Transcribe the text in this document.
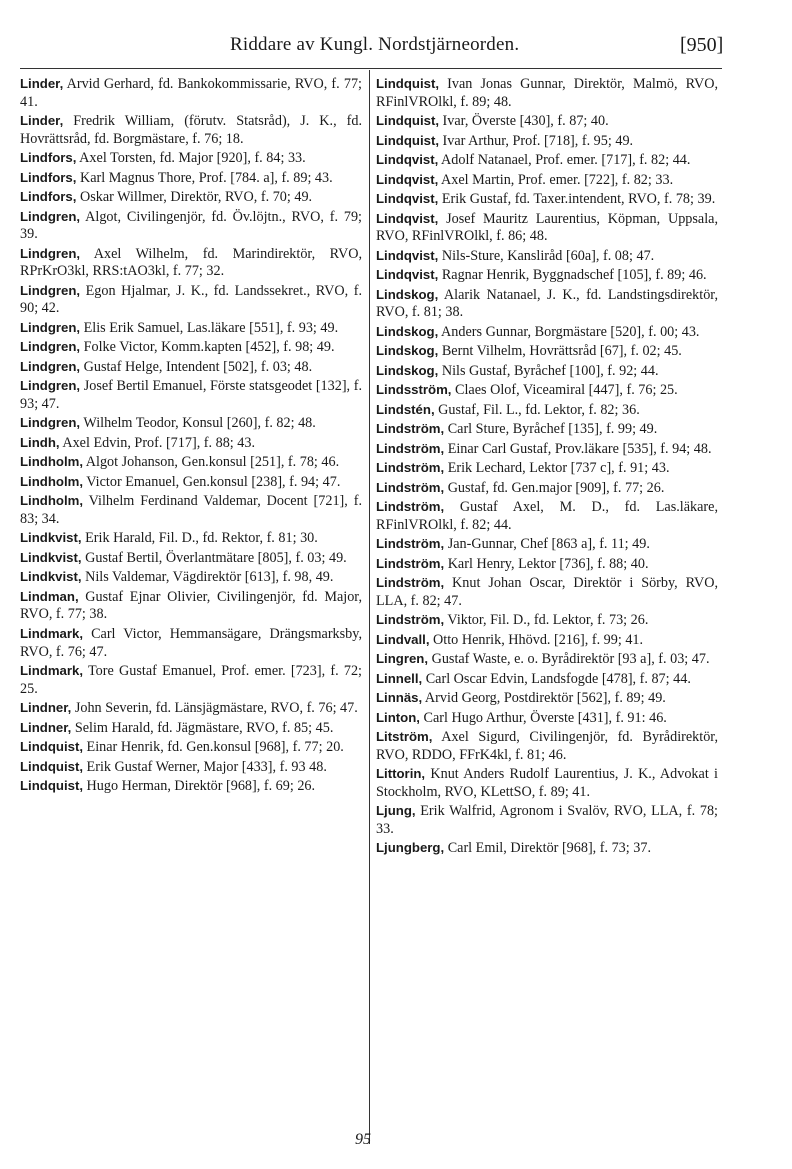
Riddare av Kungl. Nordstjärneorden.	[950]

Linder, Arvid Gerhard, fd. Bankokommissarie, RVO, f. 77; 41.

Linder, Fredrik William, (förutv. Statsråd), J. K., fd. Hovrättsråd, fd. Borgmästare, f. 76; 18.

Lindfors, Axel Torsten, fd. Major [920], f. 84; 33.

Lindfors, Karl Magnus Thore, Prof. [784. a], f. 89; 43.

Lindfors, Oskar Willmer, Direktör, RVO, f. 70; 49.

Lindgren, Algot, Civilingenjör, fd. Öv.löjtn., RVO, f. 79; 39.

Lindgren, Axel Wilhelm, fd. Marindirektör, RVO, RPrKrO3kl, RRS:tAO3kl, f. 77; 32.

Lindgren, Egon Hjalmar, J. K., fd. Landssekret., RVO, f. 90; 42.

Lindgren, Elis Erik Samuel, Las.läkare [551], f. 93; 49.

Lindgren, Folke Victor, Komm.kapten [452], f. 98; 49.

Lindgren, Gustaf Helge, Intendent [502], f. 03; 48.

Lindgren, Josef Bertil Emanuel, Förste statsgeodet [132], f. 93; 47.

Lindgren, Wilhelm Teodor, Konsul [260], f. 82; 48.

Lindh, Axel Edvin, Prof. [717], f. 88; 43.

Lindholm, Algot Johanson, Gen.konsul [251], f. 78; 46.

Lindholm, Victor Emanuel, Gen.konsul [238], f. 94; 47.

Lindholm, Vilhelm Ferdinand Valdemar, Docent [721], f. 83; 34.

Lindkvist, Erik Harald, Fil. D., fd. Rektor, f. 81; 30.

Lindkvist, Gustaf Bertil, Överlantmätare [805], f. 03; 49.

Lindkvist, Nils Valdemar, Vägdirektör [613], f. 98, 49.

Lindman, Gustaf Ejnar Olivier, Civilingenjör, fd. Major, RVO, f. 77; 38.

Lindmark, Carl Victor, Hemmansägare, Drängsmarksby, RVO, f. 76; 47.

Lindmark, Tore Gustaf Emanuel, Prof. emer. [723], f. 72; 25.

Lindner, John Severin, fd. Länsjägmästare, RVO, f. 76; 47.

Lindner, Selim Harald, fd. Jägmästare, RVO, f. 85; 45.

Lindquist, Einar Henrik, fd. Gen.konsul [968], f. 77; 20.

Lindquist, Erik Gustaf Werner, Major [433], f. 93 48.

Lindquist, Hugo Herman, Direktör [968], f. 69; 26.

Lindquist, Ivan Jonas Gunnar, Direktör, Malmö, RVO, RFinlVROlkl, f. 89; 48.

Lindquist, Ivar, Överste [430], f. 87; 40.

Lindquist, Ivar Arthur, Prof. [718], f. 95; 49.

Lindqvist, Adolf Natanael, Prof. emer. [717], f. 82; 44.

Lindqvist, Axel Martin, Prof. emer. [722], f. 82; 33.

Lindqvist, Erik Gustaf, fd. Taxer.intendent, RVO, f. 78; 39.

Lindqvist, Josef Mauritz Laurentius, Köpman, Uppsala, RVO, RFinlVROlkl, f. 86; 48.

Lindqvist, Nils-Sture, Kansliråd [60a], f. 08; 47.

Lindqvist, Ragnar Henrik, Byggnadschef [105], f. 89; 46.

Lindskog, Alarik Natanael, J. K., fd. Landstingsdirektör, RVO, f. 81; 38.

Lindskog, Anders Gunnar, Borgmästare [520], f. 00; 43.

Lindskog, Bernt Vilhelm, Hovrättsråd [67], f. 02; 45.

Lindskog, Nils Gustaf, Byråchef [100], f. 92; 44.

Lindsström, Claes Olof, Viceamiral [447], f. 76; 25.

Lindstén, Gustaf, Fil. L., fd. Lektor, f. 82; 36.

Lindström, Carl Sture, Byråchef [135], f. 99; 49.

Lindström, Einar Carl Gustaf, Prov.läkare [535], f. 94; 48.

Lindström, Erik Lechard, Lektor [737 c], f. 91; 43.

Lindström, Gustaf, fd. Gen.major [909], f. 77; 26.

Lindström, Gustaf Axel, M. D., fd. Las.läkare, RFinlVROlkl, f. 82; 44.

Lindström, Jan-Gunnar, Chef [863 a], f. 11; 49.

Lindström, Karl Henry, Lektor [736], f. 88; 40.

Lindström, Knut Johan Oscar, Direktör i Sörby, RVO, LLA, f. 82; 47.

Lindström, Viktor, Fil. D., fd. Lektor, f. 73; 26.

Lindvall, Otto Henrik, Hhövd. [216], f. 99; 41.

Lingren, Gustaf Waste, e. o. Byrådirektör [93 a], f. 03; 47.

Linnell, Carl Oscar Edvin, Landsfogde [478], f. 87; 44.

Linnäs, Arvid Georg, Postdirektör [562], f. 89; 49.

Linton, Carl Hugo Arthur, Överste [431], f. 91: 46.

Litström, Axel Sigurd, Civilingenjör, fd. Byrådirektör, RVO, RDDO, FFrK4kl, f. 81; 46.

Littorin, Knut Anders Rudolf Laurentius, J. K., Advokat i Stockholm, RVO, KLettSO, f. 89; 41.

Ljung, Erik Walfrid, Agronom i Svalöv, RVO, LLA, f. 78; 33.

Ljungberg, Carl Emil, Direktör [968], f. 73; 37.

95
